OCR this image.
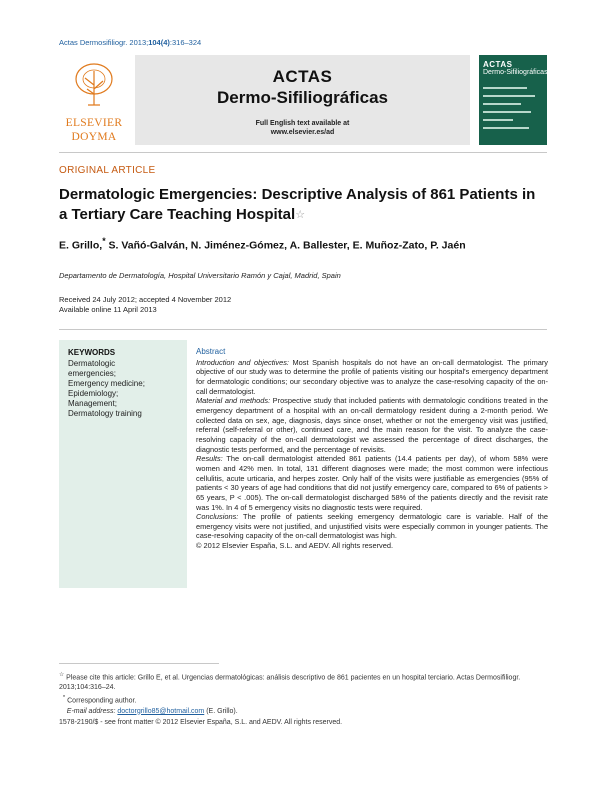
Actas Dermosifiliogr. 2013;104(4):316–324
ELSEVIER
DOYMA
ACTAS
Dermo-Sifiliográficas
Full English text available at
www.elsevier.es/ad
ACTAS
Dermo-Sifiliográficas
ORIGINAL ARTICLE
Dermatologic Emergencies: Descriptive Analysis of 861 Patients in
a Tertiary Care Teaching Hospital☆
E. Grillo,* S. Vañó-Galván, N. Jiménez-Gómez, A. Ballester, E. Muñoz-Zato, P. Jaén
Departamento de Dermatología, Hospital Universitario Ramón y Cajal, Madrid, Spain
Received 24 July 2012; accepted 4 November 2012
Available online 11 April 2013
KEYWORDS
Dermatologic
emergencies;
Emergency medicine;
Epidemiology;
Management;
Dermatology training
Abstract

Introduction and objectives: Most Spanish hospitals do not have an on-call dermatologist. The primary objective of our study was to determine the profile of patients visiting our hospital's emergency department for dermatologic conditions; our secondary objective was to analyze the case-resolving capacity of the on-call dermatologist.

Material and methods: Prospective study that included patients with dermatologic conditions treated in the emergency department of a hospital with an on-call dermatology resident during a 2-month period. We collected data on sex, age, diagnosis, days since onset, whether or not the emergency visit was justified, referral (self-referral or other), continued care, and the main reason for the visit. To analyze the case-resolving capacity of the on-call dermatologist we assessed the percentage of direct discharges, the diagnostic tests performed, and the percentage of revisits.

Results: The on-call dermatologist attended 861 patients (14.4 patients per day), of whom 58% were women and 42% men. In total, 131 different diagnoses were made; the most common were infectious cellulitis, acute urticaria, and herpes zoster. Only half of the visits were justifiable as emergencies (95% of patients < 30 years of age had conditions that did not justify emergency care, compared to 6% of patients > 65 years, P < .005). The on-call dermatologist discharged 58% of the patients directly and the revisit rate was 1%. In 4 of 5 emergency visits no diagnostic tests were required.

Conclusions: The profile of patients seeking emergency dermatologic care is variable. Half of the emergency visits were not justified, and unjustified visits were especially common in younger patients. The case-resolving capacity of the on-call dermatologist was high.

© 2012 Elsevier España, S.L. and AEDV. All rights reserved.

☆ Please cite this article: Grillo E, et al. Urgencias dermatológicas: análisis descriptivo de 861 pacientes en un hospital terciario. Actas Dermosifiliogr. 2013;104:316–24.

* Corresponding author.

E-mail address: doctorgrillo85@hotmail.com (E. Grillo).

1578-2190/$ - see front matter © 2012 Elsevier España, S.L. and AEDV. All rights reserved.
